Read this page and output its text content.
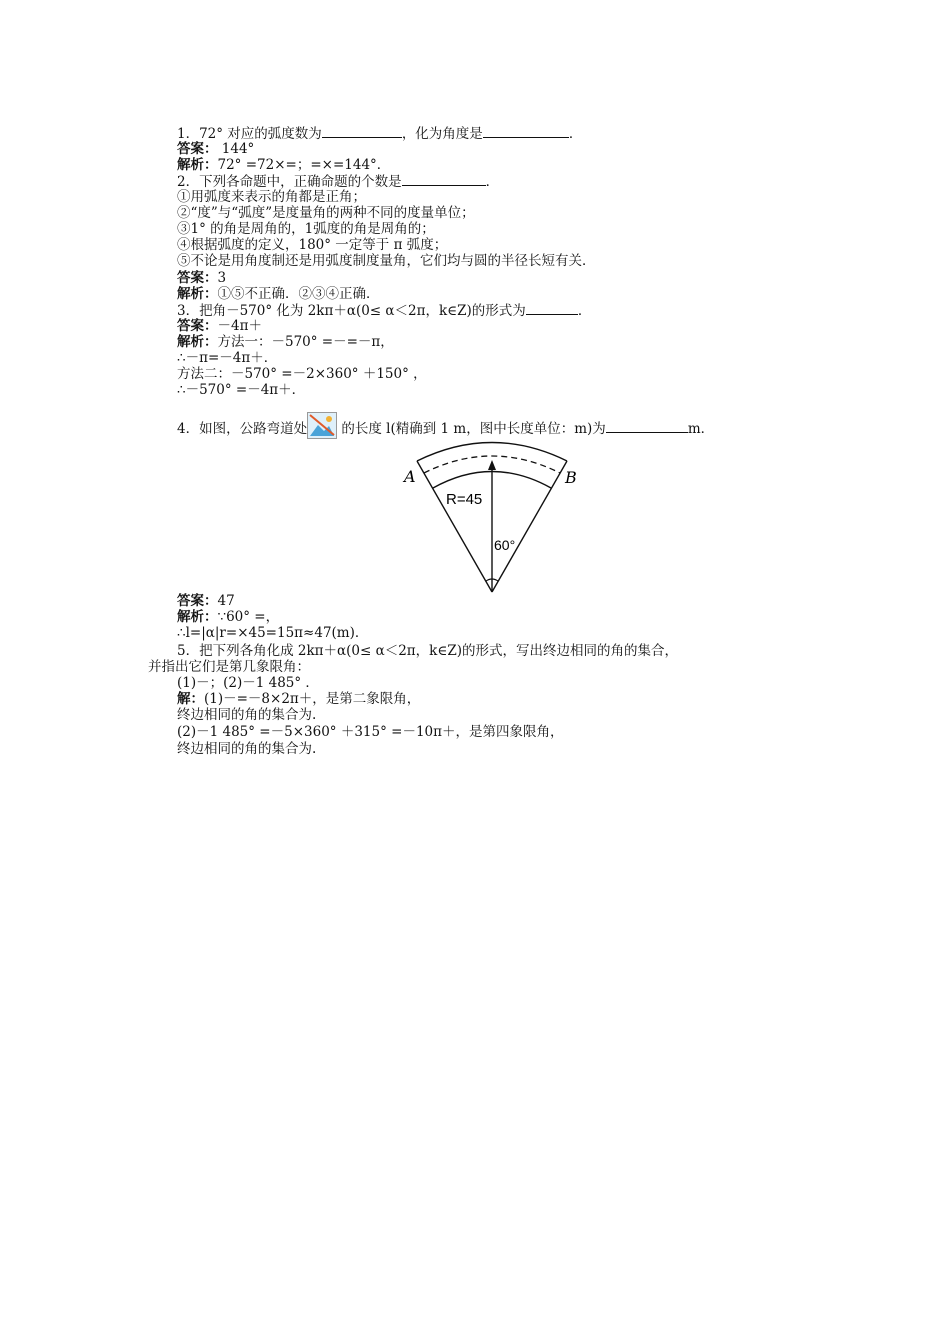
1．72° 对应的弧度数为	，化为角度是	．
答案： 144°
解析：72° =72×=；=×=144°．
2．下列各命题中，正确命题的个数是	．
①用弧度来表示的角都是正角；
②“度”与“弧度”是度量角的两种不同的度量单位；
③1° 的角是周角的，1弧度的角是周角的；
④根据弧度的定义，180° 一定等于 π 弧度；
⑤不论是用角度制还是用弧度制度量角，它们均与圆的半径长短有关．
答案：3
解析：①⑤不正确．②③④正确．
3．把角－570° 化为 2kπ＋α(0≤ α＜2π，k∈Z)的形式为	．
答案：－4π＋
解析：方法一：－570° =－=－π，
∴－π=－4π＋．
方法二：－570° =－2×360° ＋150° ，
∴－570° =－4π＋．
4．如图，公路弯道处 的长度 l(精确到 1 m，图中长度单位：m)为	m．
A	B
R=45
60°
答案：47
解析：∵60° =，
∴l=|α|r=×45=15π≈47(m)．
5．把下列各角化成 2kπ＋α(0≤ α＜2π，k∈Z)的形式，写出终边相同的角的集合，
并指出它们是第几象限角：
(1)－；(2)－1 485° ．
解：(1)－=－8×2π＋，是第二象限角，
终边相同的角的集合为.
(2)－1 485° =－5×360° ＋315° =－10π＋，是第四象限角，
终边相同的角的集合为.
